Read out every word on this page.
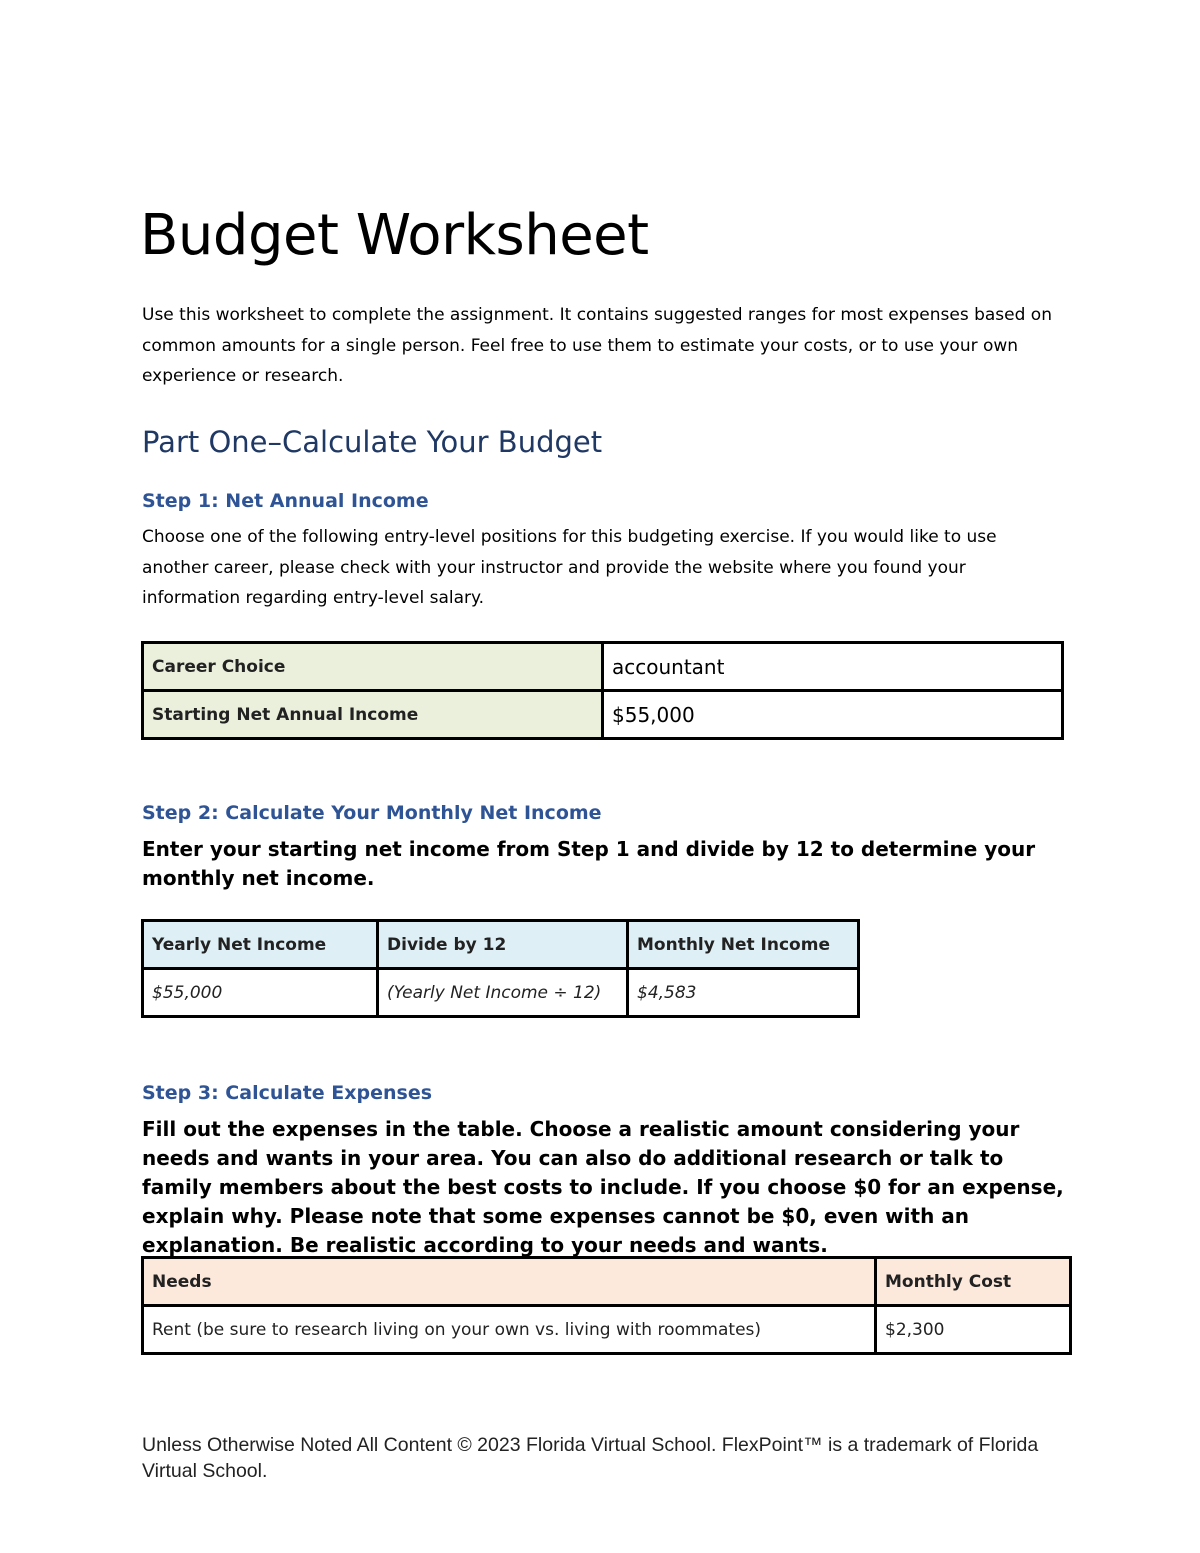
Budget Worksheet
Use this worksheet to complete the assignment. It contains suggested ranges for most expenses based on common amounts for a single person. Feel free to use them to estimate your costs, or to use your own experience or research.
Part One–Calculate Your Budget
Step 1: Net Annual Income
Choose one of the following entry-level positions for this budgeting exercise. If you would like to use another career, please check with your instructor and provide the website where you found your information regarding entry-level salary.
Career Choice	accountant
Starting Net Annual Income	$55,000
Step 2: Calculate Your Monthly Net Income
Enter your starting net income from Step 1 and divide by 12 to determine your monthly net income.
Yearly Net Income	Divide by 12	Monthly Net Income
$55,000	(Yearly Net Income ÷ 12)	$4,583
Step 3: Calculate Expenses
Fill out the expenses in the table. Choose a realistic amount considering your needs and wants in your area. You can also do additional research or talk to family members about the best costs to include. If you choose $0 for an expense, explain why. Please note that some expenses cannot be $0, even with an explanation. Be realistic according to your needs and wants.
Needs	Monthly Cost
Rent (be sure to research living on your own vs. living with roommates)	$2,300
Unless Otherwise Noted All Content © 2023 Florida Virtual School. FlexPoint™ is a trademark of Florida Virtual School.
